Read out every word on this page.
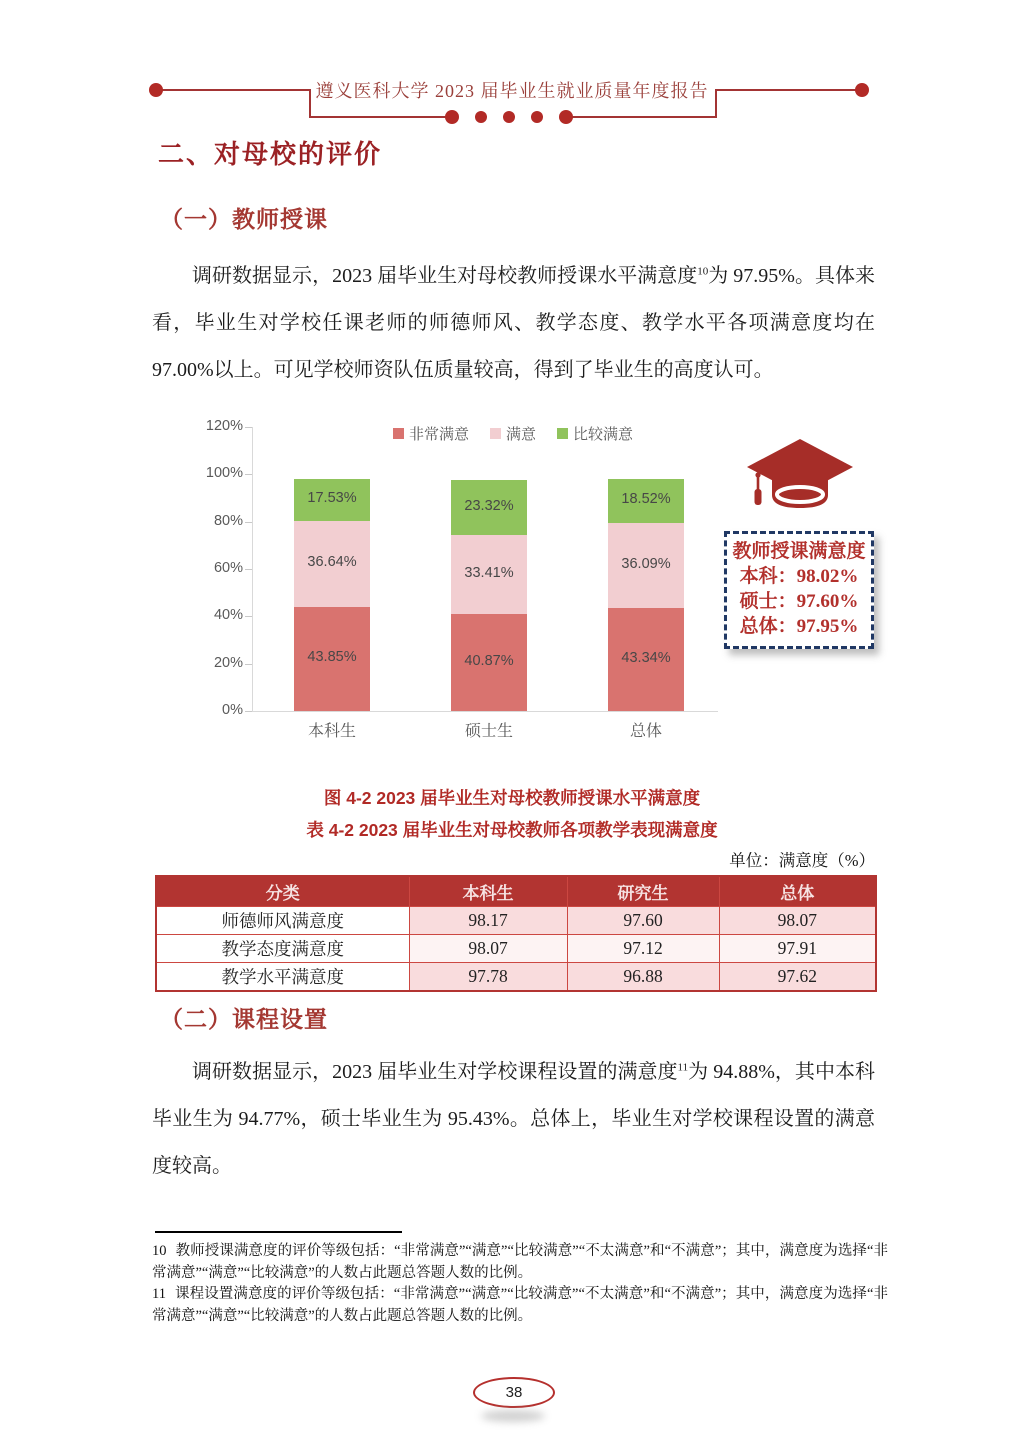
遵义医科大学 2023 届毕业生就业质量年度报告
二、对母校的评价
（一）教师授课
调研数据显示，2023 届毕业生对母校教师授课水平满意度$^{10}$为 97.95%。具体来看，毕业生对学校任课老师的师德师风、教学态度、教学水平各项满意度均在 97.00%以上。可见学校师资队伍质量较高，得到了毕业生的高度认可。
0%
20%
40%
60%
80%
100%
120%
非常满意 满意 比较满意
43.85%
36.64%
17.53%
本科生
40.87%
33.41%
23.32%
硕士生
43.34%
36.09%
18.52%
总体
教师授课满意度
本科：98.02%
硕士：97.60%
总体：97.95%
图 4-2 2023 届毕业生对母校教师授课水平满意度
表 4-2 2023 届毕业生对母校教师各项教学表现满意度
单位：满意度（%）
分类	本科生	研究生	总体
师德师风满意度	98.17	97.60	98.07
教学态度满意度	98.07	97.12	97.91
教学水平满意度	97.78	96.88	97.62
（二）课程设置
调研数据显示，2023 届毕业生对学校课程设置的满意度$^{11}$为 94.88%，其中本科毕业生为 94.77%，硕士毕业生为 95.43%。总体上，毕业生对学校课程设置的满意度较高。
10 教师授课满意度的评价等级包括：“非常满意”“满意”“比较满意”“不太满意”和“不满意”；其中，满意度为选择“非常满意”“满意”“比较满意”的人数占此题总答题人数的比例。
11 课程设置满意度的评价等级包括：“非常满意”“满意”“比较满意”“不太满意”和“不满意”；其中，满意度为选择“非常满意”“满意”“比较满意”的人数占此题总答题人数的比例。
38
